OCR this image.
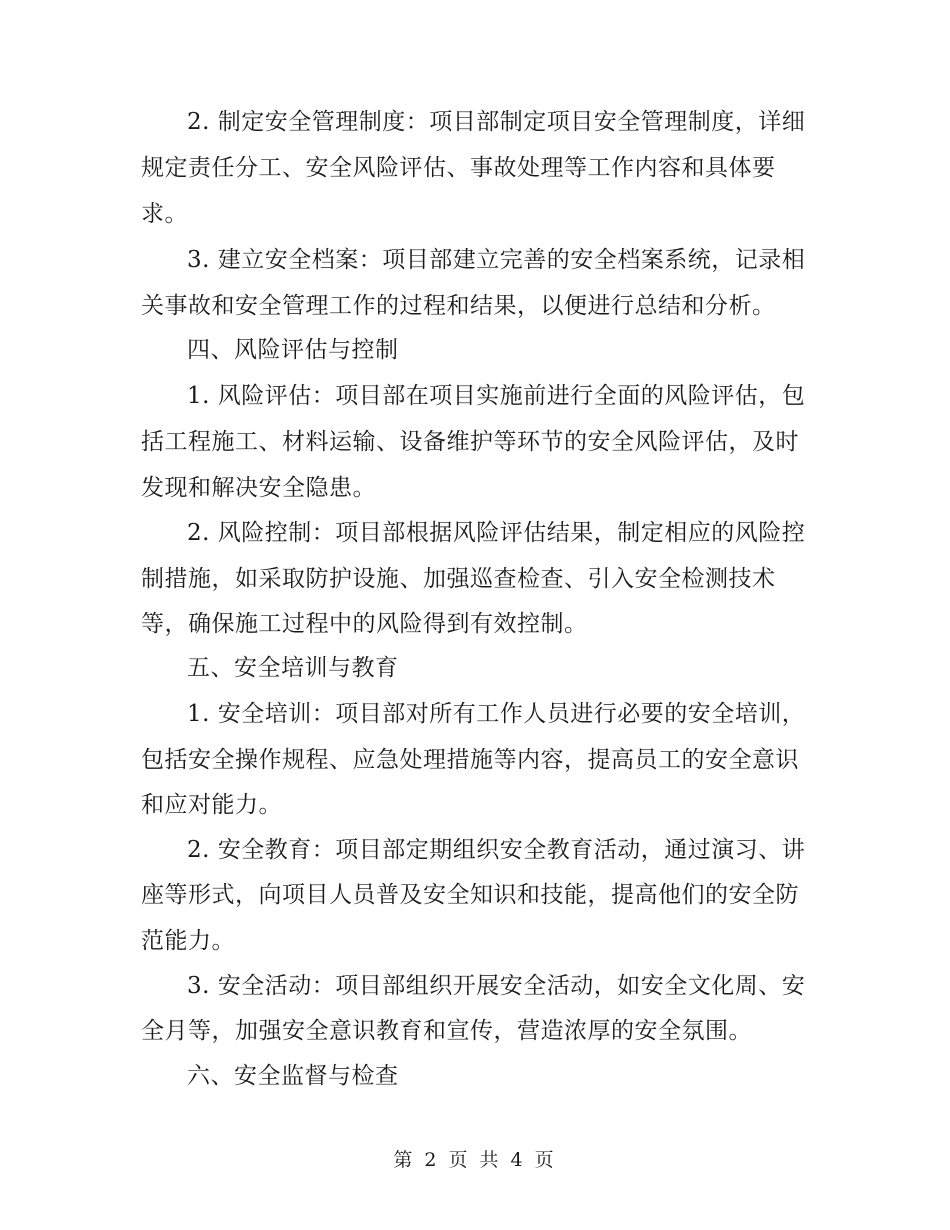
2. 制定安全管理制度：项目部制定项目安全管理制度，详细
规定责任分工、安全风险评估、事故处理等工作内容和具体要
求。
3. 建立安全档案：项目部建立完善的安全档案系统，记录相
关事故和安全管理工作的过程和结果，以便进行总结和分析。
四、风险评估与控制
1. 风险评估：项目部在项目实施前进行全面的风险评估，包
括工程施工、材料运输、设备维护等环节的安全风险评估，及时
发现和解决安全隐患。
2. 风险控制：项目部根据风险评估结果，制定相应的风险控
制措施，如采取防护设施、加强巡查检查、引入安全检测技术
等，确保施工过程中的风险得到有效控制。
五、安全培训与教育
1. 安全培训：项目部对所有工作人员进行必要的安全培训，
包括安全操作规程、应急处理措施等内容，提高员工的安全意识
和应对能力。
2. 安全教育：项目部定期组织安全教育活动，通过演习、讲
座等形式，向项目人员普及安全知识和技能，提高他们的安全防
范能力。
3. 安全活动：项目部组织开展安全活动，如安全文化周、安
全月等，加强安全意识教育和宣传，营造浓厚的安全氛围。
六、安全监督与检查
第 2 页 共 4 页
